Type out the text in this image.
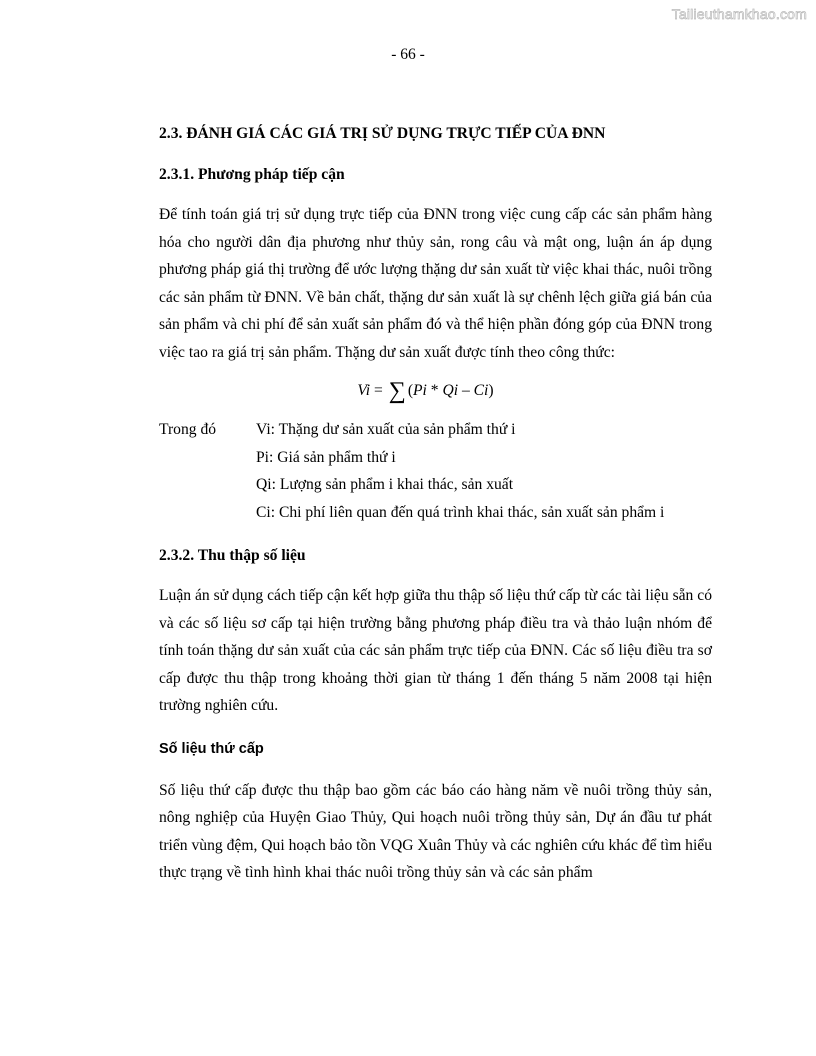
Tailieuthamkhao.com
- 66 -
2.3. ĐÁNH GIÁ CÁC GIÁ TRỊ SỬ DỤNG TRỰC TIẾP CỦA ĐNN
2.3.1. Phương pháp tiếp cận

Để tính toán giá trị sử dụng trực tiếp của ĐNN trong việc cung cấp các sản phẩm hàng hóa cho người dân địa phương như thủy sản, rong câu và mật ong, luận án áp dụng phương pháp giá thị trường để ước lượng thặng dư sản xuất từ việc khai thác, nuôi trồng các sản phẩm từ ĐNN. Về bản chất, thặng dư sản xuất là sự chênh lệch giữa giá bán của sản phẩm và chi phí để sản xuất sản phẩm đó và thể hiện phần đóng góp của ĐNN trong việc tao ra giá trị sản phẩm. Thặng dư sản xuất được tính theo công thức:

Vi = ∑ (Pi * Qi – Ci)
Trong đó	Vi: Thặng dư sản xuất của sản phẩm thứ i
Pi: Giá sản phẩm thứ i
Qi: Lượng sản phẩm i khai thác, sản xuất
Ci: Chi phí liên quan đến quá trình khai thác, sản xuất sản phẩm i
2.3.2. Thu thập số liệu

Luận án sử dụng cách tiếp cận kết hợp giữa thu thập số liệu thứ cấp từ các tài liệu sẵn có và các số liệu sơ cấp tại hiện trường bằng phương pháp điều tra và thảo luận nhóm để tính toán thặng dư sản xuất của các sản phẩm trực tiếp của ĐNN. Các số liệu điều tra sơ cấp được thu thập trong khoảng thời gian từ tháng 1 đến tháng 5 năm 2008 tại hiện trường nghiên cứu.

Số liệu thứ cấp

Số liệu thứ cấp được thu thập bao gồm các báo cáo hàng năm về nuôi trồng thủy sản, nông nghiệp của Huyện Giao Thủy, Qui hoạch nuôi trồng thủy sản, Dự án đầu tư phát triển vùng đệm, Qui hoạch bảo tồn VQG Xuân Thủy và các nghiên cứu khác để tìm hiểu thực trạng về tình hình khai thác nuôi trồng thủy sản và các sản phẩm
